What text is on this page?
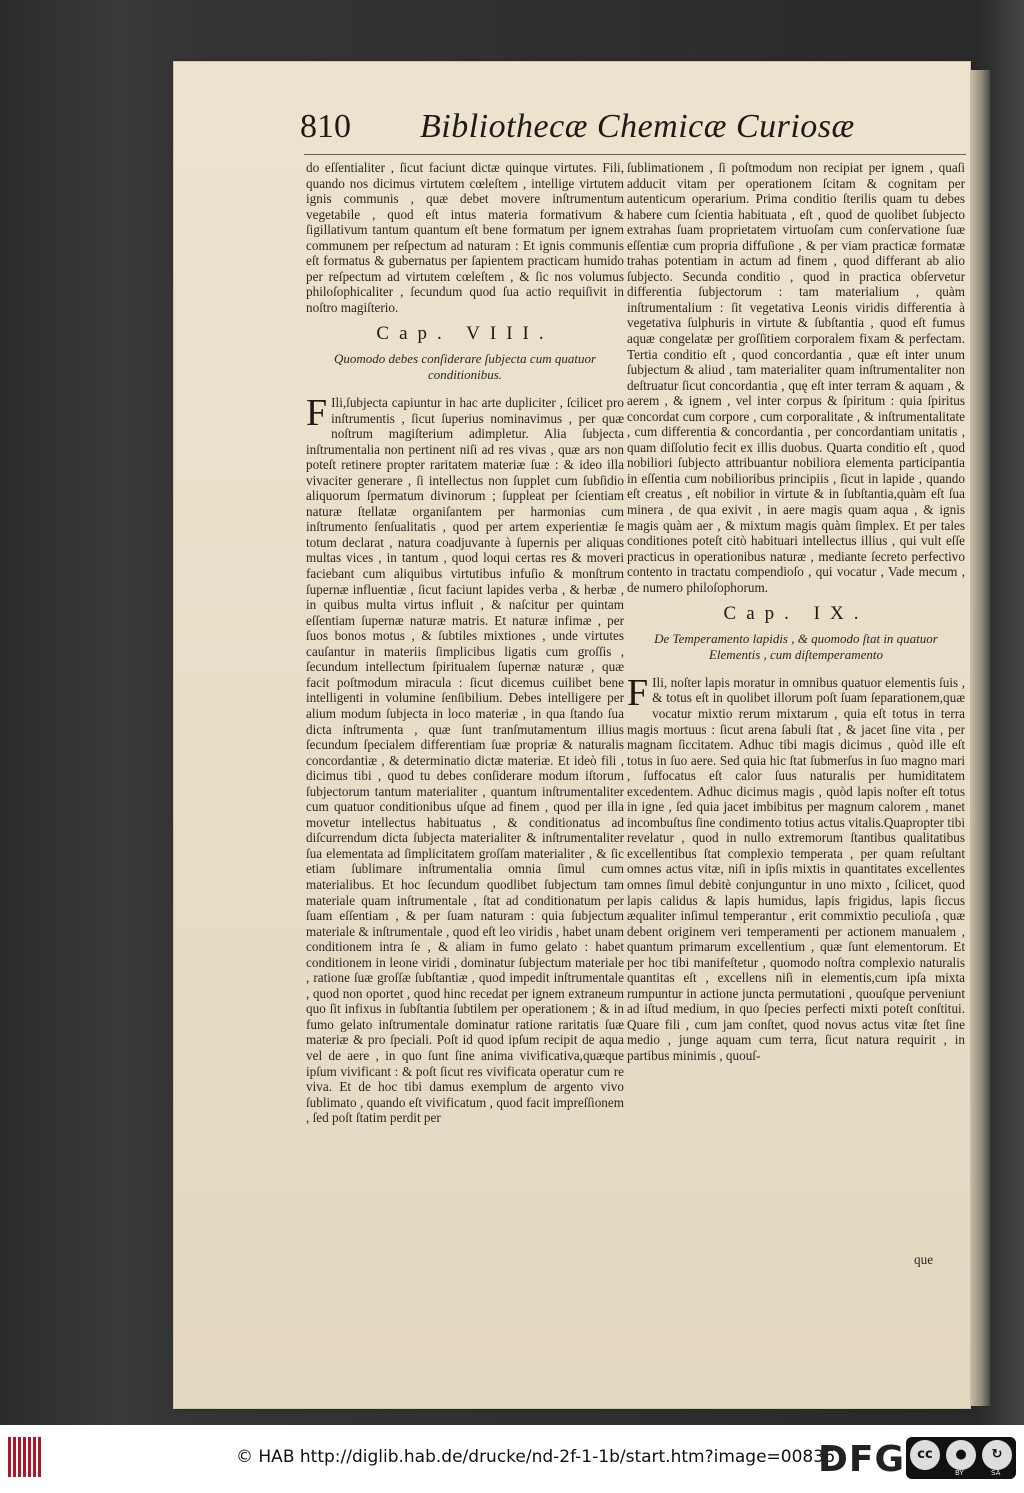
810 Bibliothecæ Chemicæ Curiosæ

do eſſentialiter , ſicut faciunt dictæ quinque virtutes. Fili, quando nos dicimus virtutem cœleſtem , intellige virtutem ignis communis , quæ debet movere inſtrumentum vegetabile , quod eſt intus materia formativum & ſigillativum tantum quantum eſt bene formatum per ignem communem per reſpectum ad naturam : Et ignis communis eſt formatus & gubernatus per ſapientem practicam humido per reſpectum ad virtutem cœleſtem , & ſic nos volumus philoſophicaliter , ſecundum quod ſua actio requiſivit in noſtro magiſterio.

Cap. VIII.
Quomodo debes conſiderare ſubjecta cum quatuor conditionibus.
F Ili,ſubjecta capiuntur in hac arte dupliciter , ſcilicet pro inſtrumentis , ſicut ſuperius nominavimus , per quæ noſtrum magiſterium adimpletur. Alia ſubjecta inſtrumentalia non pertinent niſi ad res vivas , quæ ars non poteſt retinere propter raritatem materiæ ſuæ : & ideo illa vivaciter generare , ſi intellectus non ſupplet cum ſubſidio aliquorum ſpermatum divinorum ; ſuppleat per ſcientiam naturæ ſtellatæ organiſantem per harmonias cum inſtrumento ſenſualitatis , quod per artem experientiæ ſe totum declarat , natura coadjuvante à ſupernis per aliquas multas vices , in tantum , quod loqui certas res & moveri faciebant cum aliquibus virtutibus infuſio & monſtrum ſupernæ influentiæ , ſicut faciunt lapides verba , & herbæ , in quibus multa virtus influit , & naſcitur per quintam eſſentiam ſupernæ naturæ matris. Et naturæ infimæ , per ſuos bonos motus , & ſubtiles mixtiones , unde virtutes cauſantur in materiis ſimplicibus ligatis cum groſſis , ſecundum intellectum ſpiritualem ſupernæ naturæ , quæ facit poſtmodum miracula : ſicut dicemus cuilibet bene intelligenti in volumine ſenſibilium. Debes intelligere per alium modum ſubjecta in loco materiæ , in qua ſtando ſua dicta inſtrumenta , quæ ſunt tranſmutamentum illius ſecundum ſpecialem differentiam ſuæ propriæ & naturalis concordantiæ , & determinatio dictæ materiæ. Et ideò fili , dicimus tibi , quod tu debes conſiderare modum iſtorum ſubjectorum tantum materialiter , quantum inſtrumentaliter cum quatuor conditionibus uſque ad finem , quod per illa movetur intellectus habituatus , & conditionatus ad diſcurrendum dicta ſubjecta materialiter & inſtrumentaliter ſua elementata ad ſimplicitatem groſſam materialiter , & ſic etiam ſublimare inſtrumentalia omnia ſimul cum materialibus. Et hoc ſecundum quodlibet ſubjectum tam materiale quam inſtrumentale , ſtat ad conditionatum per ſuam eſſentiam , & per ſuam naturam : quia ſubjectum materiale & inſtrumentale , quod eſt leo viridis , habet unam conditionem intra ſe , & aliam in fumo gelato : habet conditionem in leone viridi , dominatur ſubjectum materiale , ratione ſuæ groſſæ ſubſtantiæ , quod impedit inſtrumentale , quod non oportet , quod hinc recedat per ignem extraneum quo ſit infixus in ſubſtantia ſubtilem per operationem ; & in fumo gelato inſtrumentale dominatur ratione raritatis ſuæ materiæ & pro ſpeciali. Poſt id quod ipſum recipit de aqua vel de aere , in quo ſunt ſine anima vivificativa,quæque ipſum vivificant : & poſt ſicut res vivificata operatur cum re viva. Et de hoc tibi damus exemplum de argento vivo ſublimato , quando eſt vivificatum , quod facit impreſſionem , ſed poſt ſtatim perdit per

ſublimationem , ſi poſtmodum non recipiat per ignem , quaſi adducit vitam per operationem ſcitam & cognitam per autenticum operarium. Prima conditio ſterilis quam tu debes habere cum ſcientia habituata , eſt , quod de quolibet ſubjecto extrahas ſuam proprietatem virtuoſam cum conſervatione ſuæ eſſentiæ cum propria diffuſione , & per viam practicæ formatæ trahas potentiam in actum ad finem , quod differant ab alio ſubjecto. Secunda conditio , quod in practica obſervetur differentia ſubjectorum : tam materialium , quàm inſtrumentalium : ſit vegetativa Leonis viridis differentia à vegetativa ſulphuris in virtute & ſubſtantia , quod eſt fumus aquæ congelatæ per groſſitiem corporalem fixam & perfectam. Tertia conditio eſt , quod concordantia , quæ eſt inter unum ſubjectum & aliud , tam materialiter quam inſtrumentaliter non deſtruatur ſicut concordantia , quę eſt inter terram & aquam , & aerem , & ignem , vel inter corpus & ſpiritum : quia ſpiritus concordat cum corpore , cum corporalitate , & inſtrumentalitate , cum differentia & concordantia , per concordantiam unitatis , quam diſſolutio fecit ex illis duobus. Quarta conditio eſt , quod nobiliori ſubjecto attribuantur nobiliora elementa participantia in eſſentia cum nobilioribus principiis , ſicut in lapide , quando eſt creatus , eſt nobilior in virtute & in ſubſtantia,quàm eſt ſua minera , de qua exivit , in aere magis quam aqua , & ignis magis quàm aer , & mixtum magis quàm ſimplex. Et per tales conditiones poteſt citò habituari intellectus illius , qui vult eſſe practicus in operationibus naturæ , mediante ſecreto perfectivo contento in tractatu compendioſo , qui vocatur , Vade mecum , de numero philoſophorum.

Cap. IX.
De Temperamento lapidis , & quomodo ſtat in quatuor Elementis , cum diſtemperamento
F Ili, noſter lapis moratur in omnibus quatuor elementis ſuis , & totus eſt in quolibet illorum poſt ſuam ſeparationem,quæ vocatur mixtio rerum mixtarum , quia eſt totus in terra magis mortuus : ſicut arena ſabuli ſtat , & jacet ſine vita , per magnam ſiccitatem. Adhuc tibi magis dicimus , quòd ille eſt totus in ſuo aere. Sed quia hic ſtat ſubmerſus in ſuo magno mari , ſuffocatus eſt calor ſuus naturalis per humiditatem excedentem. Adhuc dicimus magis , quòd lapis noſter eſt totus in igne , ſed quia jacet imbibitus per magnum calorem , manet incombuſtus ſine condimento totius actus vitalis.Quapropter tibi revelatur , quod in nullo extremorum ſtantibus qualitatibus excellentibus ſtat complexio temperata , per quam reſultant omnes actus vitæ, niſi in ipſis mixtis in quantitates excellentes omnes ſimul debitè conjunguntur in uno mixto , ſcilicet, quod lapis calidus & lapis humidus, lapis frigidus, lapis ſiccus æqualiter inſimul temperantur , erit commixtio peculioſa , quæ debent originem veri temperamenti per actionem manualem , quantum primarum excellentium , quæ ſunt elementorum. Et per hoc tibi manifeſtetur , quomodo noſtra complexio naturalis quantitas eſt , excellens niſi in elementis,cum ipſa mixta rumpuntur in actione juncta permutationi , quouſque perveniunt ad iſtud medium, in quo ſpecies perfecti mixti poteſt conſtitui. Quare fili , cum jam conſtet, quod novus actus vitæ ſtet ſine medio , junge aquam cum terra, ſicut natura requirit , in partibus minimis , quouſ-

que
© HAB http://diglib.hab.de/drucke/nd-2f-1-1b/start.htm?image=00836
DFG cc	●	↻
BY	SA
